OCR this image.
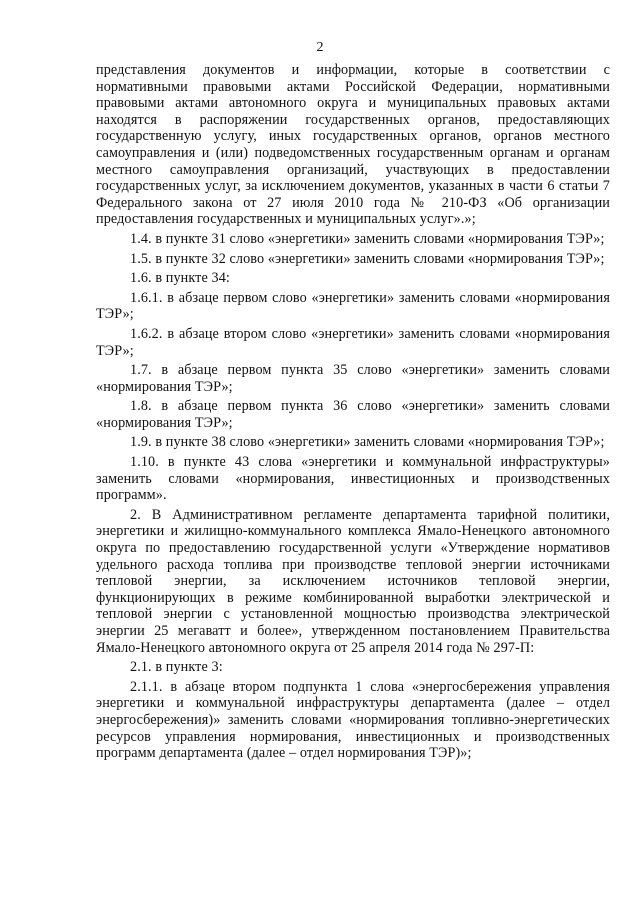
2

представления документов и информации, которые в соответствии с нормативными правовыми актами Российской Федерации, нормативными правовыми актами автономного округа и муниципальных правовых актами находятся в распоряжении государственных органов, предоставляющих государственную услугу, иных государственных органов, органов местного самоуправления и (или) подведомственных государственным органам и органам местного самоуправления организаций, участвующих в предоставлении государственных услуг, за исключением документов, указанных в части 6 статьи 7 Федерального закона от 27 июля 2010 года № 210-ФЗ «Об организации предоставления государственных и муниципальных услуг».»;

1.4. в пункте 31 слово «энергетики» заменить словами «нормирования ТЭР»;

1.5. в пункте 32 слово «энергетики» заменить словами «нормирования ТЭР»;

1.6. в пункте 34:

1.6.1. в абзаце первом слово «энергетики» заменить словами «нормирования ТЭР»;

1.6.2. в абзаце втором слово «энергетики» заменить словами «нормирования ТЭР»;

1.7. в абзаце первом пункта 35 слово «энергетики» заменить словами «нормирования ТЭР»;

1.8. в абзаце первом пункта 36 слово «энергетики» заменить словами «нормирования ТЭР»;

1.9. в пункте 38 слово «энергетики» заменить словами «нормирования ТЭР»;

1.10. в пункте 43 слова «энергетики и коммунальной инфраструктуры» заменить словами «нормирования, инвестиционных и производственных программ».

2. В Административном регламенте департамента тарифной политики, энергетики и жилищно-коммунального комплекса Ямало-Ненецкого автономного округа по предоставлению государственной услуги «Утверждение нормативов удельного расхода топлива при производстве тепловой энергии источниками тепловой энергии, за исключением источников тепловой энергии, функционирующих в режиме комбинированной выработки электрической и тепловой энергии с установленной мощностью производства электрической энергии 25 мегаватт и более», утвержденном постановлением Правительства Ямало-Ненецкого автономного округа от 25 апреля 2014 года № 297-П:

2.1. в пункте 3:

2.1.1. в абзаце втором подпункта 1 слова «энергосбережения управления энергетики и коммунальной инфраструктуры департамента (далее – отдел энергосбережения)» заменить словами «нормирования топливно-энергетических ресурсов управления нормирования, инвестиционных и производственных программ департамента (далее – отдел нормирования ТЭР)»;
